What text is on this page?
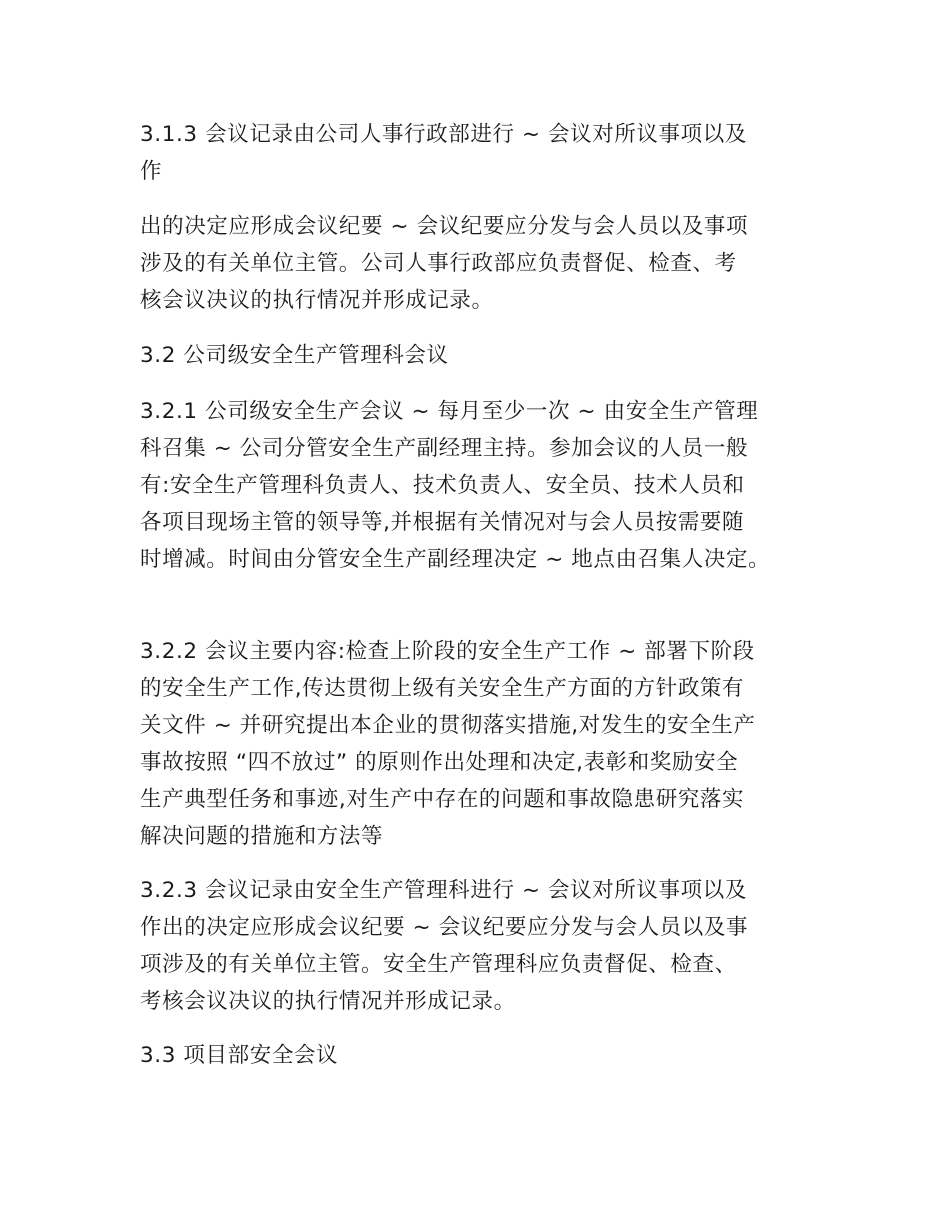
3.1.3 会议记录由公司人事行政部进行 ~ 会议对所议事项以及
作
出的决定应形成会议纪要 ~ 会议纪要应分发与会人员以及事项
涉及的有关单位主管。公司人事行政部应负责督促、检查、考
核会议决议的执行情况并形成记录。
3.2 公司级安全生产管理科会议
3.2.1 公司级安全生产会议 ~ 每月至少一次 ~ 由安全生产管理
科召集 ~ 公司分管安全生产副经理主持。参加会议的人员一般
有:安全生产管理科负责人、技术负责人、安全员、技术人员和
各项目现场主管的领导等,并根据有关情况对与会人员按需要随
时增减。时间由分管安全生产副经理决定 ~ 地点由召集人决定。
3.2.2 会议主要内容:检查上阶段的安全生产工作 ~ 部署下阶段
的安全生产工作,传达贯彻上级有关安全生产方面的方针政策有
关文件 ~ 并研究提出本企业的贯彻落实措施,对发生的安全生产
事故按照 “四不放过” 的原则作出处理和决定,表彰和奖励安全
生产典型任务和事迹,对生产中存在的问题和事故隐患研究落实
解决问题的措施和方法等
3.2.3 会议记录由安全生产管理科进行 ~ 会议对所议事项以及
作出的决定应形成会议纪要 ~ 会议纪要应分发与会人员以及事
项涉及的有关单位主管。安全生产管理科应负责督促、检查、
考核会议决议的执行情况并形成记录。
3.3 项目部安全会议
